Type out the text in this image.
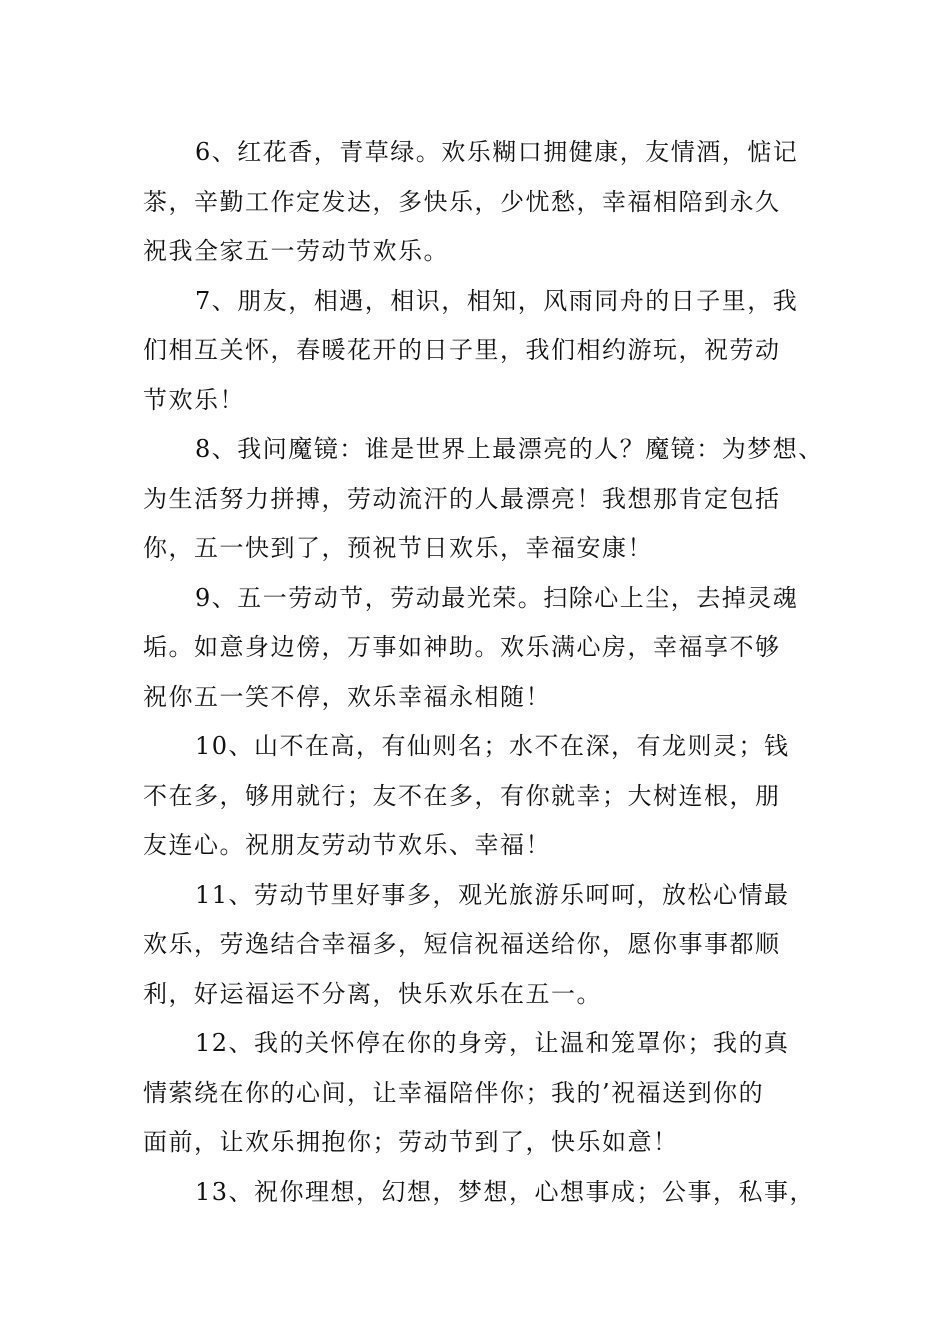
6、红花香，青草绿。欢乐糊口拥健康，友情酒，惦记
茶，辛勤工作定发达，多快乐，少忧愁，幸福相陪到永久
祝我全家五一劳动节欢乐。
7、朋友，相遇，相识，相知，风雨同舟的日子里，我
们相互关怀，春暖花开的日子里，我们相约游玩，祝劳动
节欢乐！
8、我问魔镜：谁是世界上最漂亮的人？魔镜：为梦想、
为生活努力拼搏，劳动流汗的人最漂亮！我想那肯定包括
你，五一快到了，预祝节日欢乐，幸福安康！
9、五一劳动节，劳动最光荣。扫除心上尘，去掉灵魂
垢。如意身边傍，万事如神助。欢乐满心房，幸福享不够
祝你五一笑不停，欢乐幸福永相随！
10、山不在高，有仙则名；水不在深，有龙则灵；钱
不在多，够用就行；友不在多，有你就幸；大树连根，朋
友连心。祝朋友劳动节欢乐、幸福！
11、劳动节里好事多，观光旅游乐呵呵，放松心情最
欢乐，劳逸结合幸福多，短信祝福送给你，愿你事事都顺
利，好运福运不分离，快乐欢乐在五一。
12、我的关怀停在你的身旁，让温和笼罩你；我的真
情萦绕在你的心间，让幸福陪伴你；我的’祝福送到你的
面前，让欢乐拥抱你；劳动节到了，快乐如意！
13、祝你理想，幻想，梦想，心想事成；公事，私事，
